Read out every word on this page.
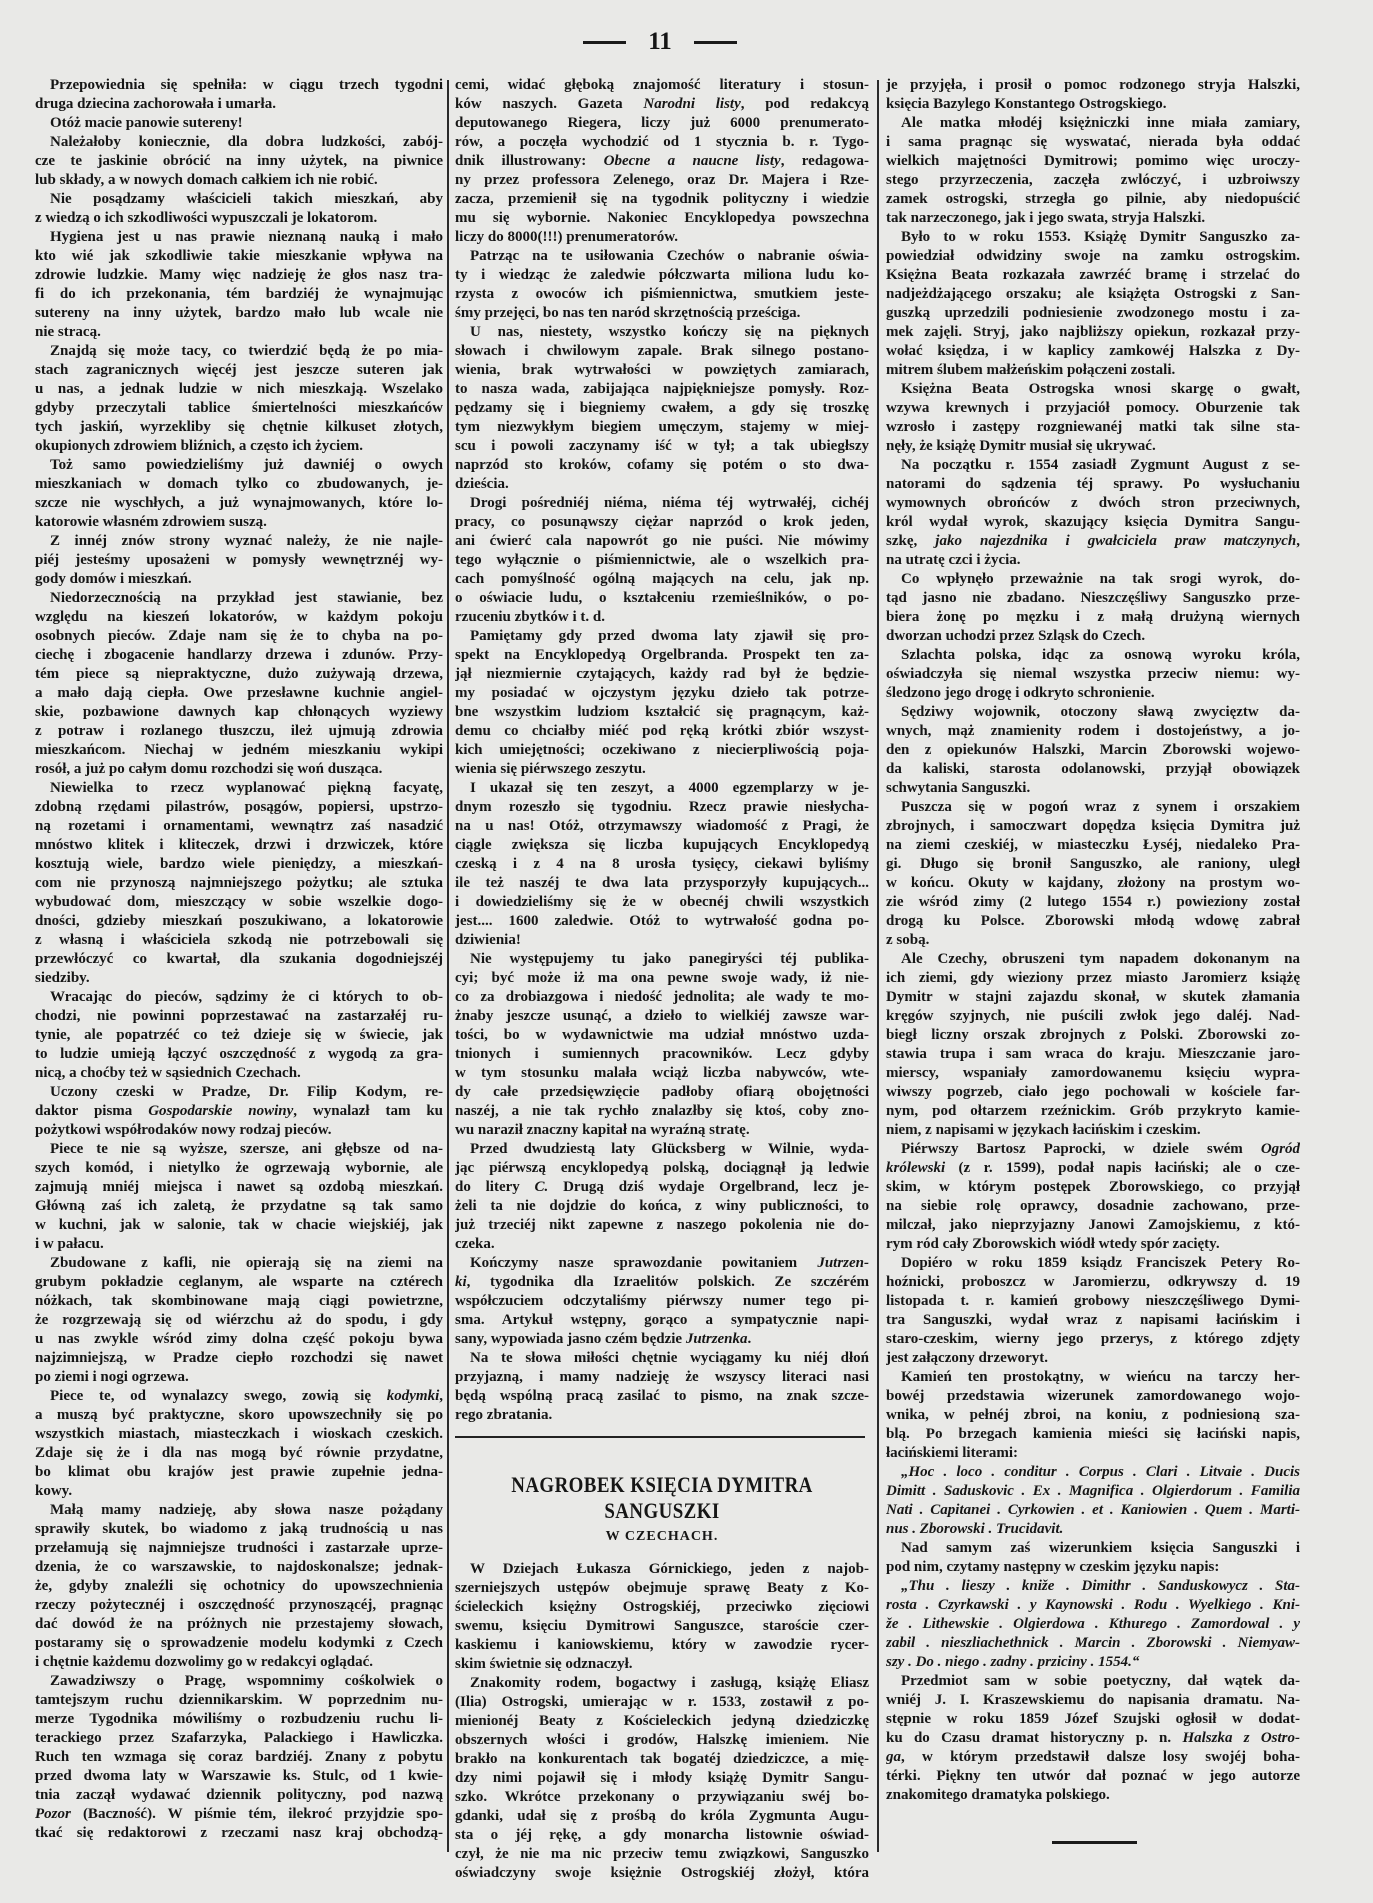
11
Przepowiednia się spełniła: w ciągu trzech tygodni
druga dziecina zachorowała i umarła.
Otóż macie panowie sutereny!
Należałoby koniecznie, dla dobra ludzkości, zabój-
cze te jaskinie obrócić na inny użytek, na piwnice
lub składy, a w nowych domach całkiem ich nie robić.
Nie posądzamy właścicieli takich mieszkań, aby
z wiedzą o ich szkodliwości wypuszczali je lokatorom.
Hygiena jest u nas prawie nieznaną nauką i mało
kto wié jak szkodliwie takie mieszkanie wpływa na
zdrowie ludzkie. Mamy więc nadzieję że głos nasz tra-
fi do ich przekonania, tém bardziéj że wynajmując
sutereny na inny użytek, bardzo mało lub wcale nie
nie stracą.
Znajdą się może tacy, co twierdzić będą że po mia-
stach zagranicznych więcéj jest jeszcze suteren jak
u nas, a jednak ludzie w nich mieszkają. Wszelako
gdyby przeczytali tablice śmiertelności mieszkańców
tych jaskiń, wyrzekliby się chętnie kilkuset złotych,
okupionych zdrowiem bliźnich, a często ich życiem.
Toż samo powiedzieliśmy już dawniéj o owych
mieszkaniach w domach tylko co zbudowanych, je-
szcze nie wyschłych, a już wynajmowanych, które lo-
katorowie własném zdrowiem suszą.
Z innéj znów strony wyznać należy, że nie najle-
piéj jesteśmy uposażeni w pomysły wewnętrznéj wy-
gody domów i mieszkań.
Niedorzecznością na przykład jest stawianie, bez
względu na kieszeń lokatorów, w każdym pokoju
osobnych pieców. Zdaje nam się że to chyba na po-
ciechę i zbogacenie handlarzy drzewa i zdunów. Przy-
tém piece są niepraktyczne, dużo zużywają drzewa,
a mało dają ciepła. Owe przesławne kuchnie angiel-
skie, pozbawione dawnych kap chłonących wyziewy
z potraw i rozlanego tłuszczu, ileż ujmują zdrowia
mieszkańcom. Niechaj w jedném mieszkaniu wykipi
rosół, a już po całym domu rozchodzi się woń dusząca.
Niewielka to rzecz wyplanować piękną facyatę,
zdobną rzędami pilastrów, posągów, popiersi, upstrzo-
ną rozetami i ornamentami, wewnątrz zaś nasadzić
mnóstwo klitek i kliteczek, drzwi i drzwiczek, które
kosztują wiele, bardzo wiele pieniędzy, a mieszkań-
com nie przynoszą najmniejszego pożytku; ale sztuka
wybudować dom, mieszczący w sobie wszelkie dogo-
dności, gdzieby mieszkań poszukiwano, a lokatorowie
z własną i właściciela szkodą nie potrzebowali się
przewłóczyć co kwartał, dla szukania dogodniejszéj
siedziby.
Wracając do pieców, sądzimy że ci których to ob-
chodzi, nie powinni poprzestawać na zastarzałéj ru-
tynie, ale popatrzéć co też dzieje się w świecie, jak
to ludzie umieją łączyć oszczędność z wygodą za gra-
nicą, a choćby też w sąsiednich Czechach.
Uczony czeski w Pradze, Dr. Filip Kodym, re-
daktor pisma Gospodarskie nowiny, wynalazł tam ku
pożytkowi współrodaków nowy rodzaj pieców.
Piece te nie są wyższe, szersze, ani głębsze od na-
szych komód, i nietylko że ogrzewają wybornie, ale
zajmują mniéj miejsca i nawet są ozdobą mieszkań.
Główną zaś ich zaletą, że przydatne są tak samo
w kuchni, jak w salonie, tak w chacie wiejskiéj, jak
i w pałacu.
Zbudowane z kafli, nie opierają się na ziemi na
grubym pokładzie ceglanym, ale wsparte na cztérech
nóżkach, tak skombinowane mają ciągi powietrzne,
że rozgrzewają się od wiérzchu aż do spodu, i gdy
u nas zwykle wśród zimy dolna część pokoju bywa
najzimniejszą, w Pradze ciepło rozchodzi się nawet
po ziemi i nogi ogrzewa.
Piece te, od wynalazcy swego, zowią się kodymki,
a muszą być praktyczne, skoro upowszechniły się po
wszystkich miastach, miasteczkach i wioskach czeskich.
Zdaje się że i dla nas mogą być równie przydatne,
bo klimat obu krajów jest prawie zupełnie jedna-
kowy.
Małą mamy nadzieję, aby słowa nasze pożądany
sprawiły skutek, bo wiadomo z jaką trudnością u nas
przełamują się najmniejsze trudności i zastarzałe uprze-
dzenia, że co warszawskie, to najdoskonalsze; jednak-
że, gdyby znaleźli się ochotnicy do upowszechnienia
rzeczy pożytecznéj i oszczędność przynoszącéj, pragnąc
dać dowód że na próżnych nie przestajemy słowach,
postaramy się o sprowadzenie modelu kodymki z Czech
i chętnie każdemu dozwolimy go w redakcyi oglądać.
Zawadziwszy o Pragę, wspomnimy cośkolwiek o
tamtejszym ruchu dziennikarskim. W poprzednim nu-
merze Tygodnika mówiliśmy o rozbudzeniu ruchu li-
terackiego przez Szafarzyka, Palackiego i Hawliczka.
Ruch ten wzmaga się coraz bardziéj. Znany z pobytu
przed dwoma laty w Warszawie ks. Stulc, od 1 kwie-
tnia zaczął wydawać dziennik polityczny, pod nazwą
Pozor (Baczność). W piśmie tém, ilekroć przyjdzie spo-
tkać się redaktorowi z rzeczami nasz kraj obchodzą-
cemi, widać głęboką znajomość literatury i stosun-
ków naszych. Gazeta Narodni listy, pod redakcyą
deputowanego Riegera, liczy już 6000 prenumerato-
rów, a poczęła wychodzić od 1 stycznia b. r. Tygo-
dnik illustrowany: Obecne a naucne listy, redagowa-
ny przez professora Zelenego, oraz Dr. Majera i Rze-
zacza, przemienił się na tygodnik polityczny i wiedzie
mu się wybornie. Nakoniec Encyklopedya powszechna
liczy do 8000(!!!) prenumeratorów.
Patrząc na te usiłowania Czechów o nabranie oświa-
ty i wiedząc że zaledwie półczwarta miliona ludu ko-
rzysta z owoców ich piśmiennictwa, smutkiem jeste-
śmy przejęci, bo nas ten naród skrzętnością prześciga.
U nas, niestety, wszystko kończy się na pięknych
słowach i chwilowym zapale. Brak silnego postano-
wienia, brak wytrwałości w powziętych zamiarach,
to nasza wada, zabijająca najpiękniejsze pomysły. Roz-
pędzamy się i biegniemy cwałem, a gdy się troszkę
tym niezwykłym biegiem umęczym, stajemy w miej-
scu i powoli zaczynamy iść w tył; a tak ubiegłszy
naprzód sto kroków, cofamy się potém o sto dwa-
dzieścia.
Drogi pośredniéj niéma, niéma téj wytrwałéj, cichéj
pracy, co posunąwszy ciężar naprzód o krok jeden,
ani ćwierć cala napowrót go nie puści. Nie mówimy
tego wyłącznie o piśmiennictwie, ale o wszelkich pra-
cach pomyślność ogólną mających na celu, jak np.
o oświacie ludu, o kształceniu rzemieślników, o po-
rzuceniu zbytków i t. d.
Pamiętamy gdy przed dwoma laty zjawił się pro-
spekt na Encyklopedyą Orgelbranda. Prospekt ten za-
jął niezmiernie czytających, każdy rad był że będzie-
my posiadać w ojczystym języku dzieło tak potrze-
bne wszystkim ludziom kształcić się pragnącym, każ-
demu co chciałby miéć pod ręką krótki zbiór wszyst-
kich umiejętności; oczekiwano z niecierpliwością poja-
wienia się piérwszego zeszytu.
I ukazał się ten zeszyt, a 4000 egzemplarzy w je-
dnym rozeszło się tygodniu. Rzecz prawie niesłycha-
na u nas! Otóż, otrzymawszy wiadomość z Pragi, że
ciągle zwiększa się liczba kupujących Encyklopedyą
czeską i z 4 na 8 urosła tysięcy, ciekawi byliśmy
ile też naszéj te dwa lata przysporzyły kupujących...
i dowiedzieliśmy się że w obecnéj chwili wszystkich
jest.... 1600 zaledwie. Otóż to wytrwałość godna po-
dziwienia!
Nie występujemy tu jako panegiryści téj publika-
cyi; być może iż ma ona pewne swoje wady, iż nie-
co za drobiazgowa i niedość jednolita; ale wady te mo-
żnaby jeszcze usunąć, a dzieło to wielkiéj zawsze war-
tości, bo w wydawnictwie ma udział mnóstwo uzda-
tnionych i sumiennych pracowników. Lecz gdyby
w tym stosunku malała wciąż liczba nabywców, wte-
dy całe przedsięwzięcie padłoby ofiarą obojętności
naszéj, a nie tak rychło znalazłby się ktoś, coby zno-
wu naraził znaczny kapitał na wyraźną stratę.
Przed dwudziestą laty Glücksberg w Wilnie, wyda-
jąc piérwszą encyklopedyą polską, dociągnął ją ledwie
do litery C. Drugą dziś wydaje Orgelbrand, lecz je-
żeli ta nie dojdzie do końca, z winy publiczności, to
już trzeciéj nikt zapewne z naszego pokolenia nie do-
czeka.
Kończymy nasze sprawozdanie powitaniem Jutrzen-
ki, tygodnika dla Izraelitów polskich. Ze szczérém
współczuciem odczytaliśmy piérwszy numer tego pi-
sma. Artykuł wstępny, gorąco a sympatycznie napi-
sany, wypowiada jasno czém będzie Jutrzenka.
Na te słowa miłości chętnie wyciągamy ku niéj dłoń
przyjazną, i mamy nadzieję że wszyscy literaci nasi
będą wspólną pracą zasilać to pismo, na znak szcze-
rego zbratania.
NAGROBEK KSIĘCIA DYMITRA SANGUSZKI
W CZECHACH.
W Dziejach Łukasza Górnickiego, jeden z najob-
szerniejszych ustępów obejmuje sprawę Beaty z Ko-
ścieleckich księżny Ostrogskiéj, przeciwko zięciowi
swemu, księciu Dymitrowi Sanguszce, staroście czer-
kaskiemu i kaniowskiemu, który w zawodzie rycer-
skim świetnie się odznaczył.
Znakomity rodem, bogactwy i zasługą, książę Eliasz
(Ilia) Ostrogski, umierając w r. 1533, zostawił z po-
mienionéj Beaty z Kościeleckich jedyną dziedziczkę
obszernych włości i grodów, Halszkę imieniem. Nie
brakło na konkurentach tak bogatéj dziedziczce, a mię-
dzy nimi pojawił się i młody książę Dymitr Sangu-
szko. Wkrótce przekonany o przywiązaniu swéj bo-
gdanki, udał się z prośbą do króla Zygmunta Augu-
sta o jéj rękę, a gdy monarcha listownie oświad-
czył, że nie ma nic przeciw temu związkowi, Sanguszko
oświadczyny swoje księżnie Ostrogskiéj złożył, która
je przyjęła, i prosił o pomoc rodzonego stryja Halszki,
księcia Bazylego Konstantego Ostrogskiego.
Ale matka młodéj księżniczki inne miała zamiary,
i sama pragnąc się wyswatać, nierada była oddać
wielkich majętności Dymitrowi; pomimo więc uroczy-
stego przyrzeczenia, zaczęła zwlóczyć, i uzbroiwszy
zamek ostrogski, strzegła go pilnie, aby niedopuścić
tak narzeczonego, jak i jego swata, stryja Halszki.
Było to w roku 1553. Książę Dymitr Sanguszko za-
powiedział odwidziny swoje na zamku ostrogskim.
Księżna Beata rozkazała zawrzéć bramę i strzelać do
nadjeżdżającego orszaku; ale książęta Ostrogski z San-
guszką uprzedzili podniesienie zwodzonego mostu i za-
mek zajęli. Stryj, jako najbliższy opiekun, rozkazał przy-
wołać księdza, i w kaplicy zamkowéj Halszka z Dy-
mitrem ślubem małżeńskim połączeni zostali.
Księżna Beata Ostrogska wnosi skargę o gwałt,
wzywa krewnych i przyjaciół pomocy. Oburzenie tak
wzrosło i zastępy rozgniewanéj matki tak silne sta-
nęły, że książę Dymitr musiał się ukrywać.
Na początku r. 1554 zasiadł Zygmunt August z se-
natorami do sądzenia téj sprawy. Po wysłuchaniu
wymownych obrońców z dwóch stron przeciwnych,
król wydał wyrok, skazujący księcia Dymitra Sangu-
szkę, jako najezdnika i gwałciciela praw matczynych,
na utratę czci i życia.
Co wpłynęło przeważnie na tak srogi wyrok, do-
tąd jasno nie zbadano. Nieszczęśliwy Sanguszko prze-
biera żonę po męzku i z małą drużyną wiernych
dworzan uchodzi przez Szląsk do Czech.
Szlachta polska, idąc za osnową wyroku króla,
oświadczyła się niemal wszystka przeciw niemu: wy-
śledzono jego drogę i odkryto schronienie.
Sędziwy wojownik, otoczony sławą zwycięztw da-
wnych, mąż znamienity rodem i dostojeństwy, a jo-
den z opiekunów Halszki, Marcin Zborowski wojewo-
da kaliski, starosta odolanowski, przyjął obowiązek
schwytania Sanguszki.
Puszcza się w pogoń wraz z synem i orszakiem
zbrojnych, i samoczwart dopędza księcia Dymitra już
na ziemi czeskiéj, w miasteczku Łyséj, niedaleko Pra-
gi. Długo się bronił Sanguszko, ale raniony, uległ
w końcu. Okuty w kajdany, złożony na prostym wo-
zie wśród zimy (2 lutego 1554 r.) powieziony został
drogą ku Polsce. Zborowski młodą wdowę zabrał
z sobą.
Ale Czechy, obruszeni tym napadem dokonanym na
ich ziemi, gdy wieziony przez miasto Jaromierz książę
Dymitr w stajni zajazdu skonał, w skutek złamania
kręgów szyjnych, nie puścili zwłok jego daléj. Nad-
biegł liczny orszak zbrojnych z Polski. Zborowski zo-
stawia trupa i sam wraca do kraju. Mieszczanie jaro-
mierscy, wspaniały zamordowanemu księciu wypra-
wiwszy pogrzeb, ciało jego pochowali w kościele far-
nym, pod ołtarzem rzeźnickim. Grób przykryto kamie-
niem, z napisami w językach łacińskim i czeskim.
Piérwszy Bartosz Paprocki, w dziele swém Ogród
królewski (z r. 1599), podał napis łaciński; ale o cze-
skim, w którym postępek Zborowskiego, co przyjął
na siebie rolę oprawcy, dosadnie zachowano, prze-
milczał, jako nieprzyjazny Janowi Zamojskiemu, z któ-
rym ród cały Zborowskich wiódł wtedy spór zacięty.
Dopiéro w roku 1859 ksiądz Franciszek Petery Ro-
hoźnicki, proboszcz w Jaromierzu, odkrywszy d. 19
listopada t. r. kamień grobowy nieszczęśliwego Dymi-
tra Sanguszki, wydał wraz z napisami łacińskim i
staro-czeskim, wierny jego przerys, z którego zdjęty
jest załączony drzeworyt.
Kamień ten prostokątny, w wieńcu na tarczy her-
bowéj przedstawia wizerunek zamordowanego wojo-
wnika, w pełnéj zbroi, na koniu, z podniesioną sza-
blą. Po brzegach kamienia mieści się łaciński napis,
łacińskiemi literami:
„Hoc . loco . conditur . Corpus . Clari . Litvaie . Ducis
Dimitt . Saduskovic . Ex . Magnifica . Olgierdorum . Familia
Nati . Capitanei . Cyrkowien . et . Kaniowien . Quem . Marti-
nus . Zborowski . Trucidavit.
Nad samym zaś wizerunkiem księcia Sanguszki i
pod nim, czytamy następny w czeskim języku napis:
„Thu . lieszy . kniže . Dimithr . Sanduskowycz . Sta-
rosta . Czyrkawski . y Kaynowski . Rodu . Wyelkiego . Kni-
že . Lithewskie . Olgierdowa . Kthurego . Zamordowal . y
zabil . nieszliachethnick . Marcin . Zborowski . Niemyaw-
szy . Do . niego . zadny . prziciny . 1554.“
Przedmiot sam w sobie poetyczny, dał wątek da-
wniéj J. I. Kraszewskiemu do napisania dramatu. Na-
stępnie w roku 1859 Józef Szujski ogłosił w dodat-
ku do Czasu dramat historyczny p. n. Halszka z Ostro-
ga, w którym przedstawił dalsze losy swojéj boha-
térki. Piękny ten utwór dał poznać w jego autorze
znakomitego dramatyka polskiego.
